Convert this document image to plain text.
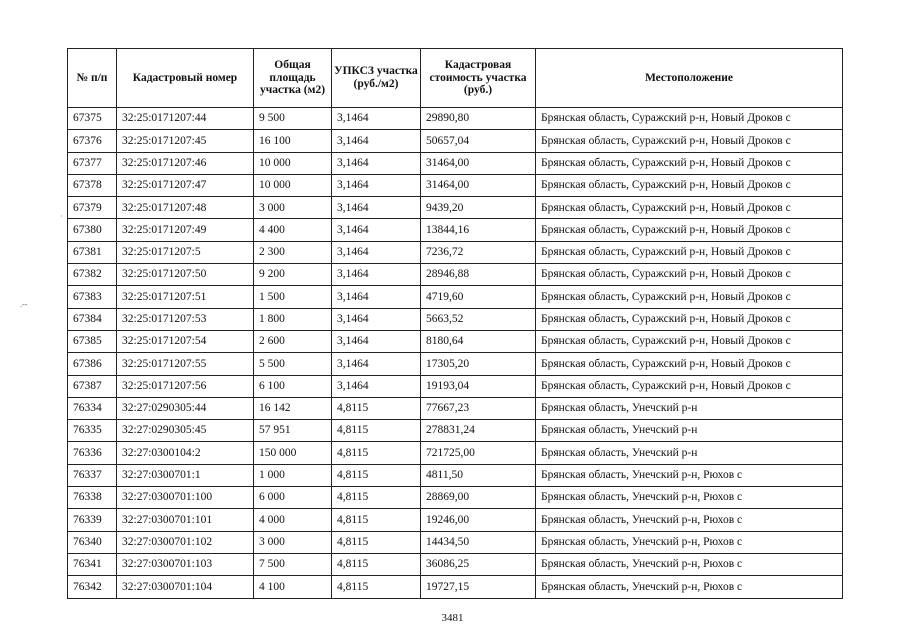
·
.--
№ п/п	Кадастровый номер	Общая площадь участка (м2)	УПКСЗ участка (руб./м2)	Кадастровая стоимость участка (руб.)	Местоположение
67375	32:25:0171207:44	9 500	3,1464	29890,80	Брянская область, Суражский р-н, Новый Дроков с
67376	32:25:0171207:45	16 100	3,1464	50657,04	Брянская область, Суражский р-н, Новый Дроков с
67377	32:25:0171207:46	10 000	3,1464	31464,00	Брянская область, Суражский р-н, Новый Дроков с
67378	32:25:0171207:47	10 000	3,1464	31464,00	Брянская область, Суражский р-н, Новый Дроков с
67379	32:25:0171207:48	3 000	3,1464	9439,20	Брянская область, Суражский р-н, Новый Дроков с
67380	32:25:0171207:49	4 400	3,1464	13844,16	Брянская область, Суражский р-н, Новый Дроков с
67381	32:25:0171207:5	2 300	3,1464	7236,72	Брянская область, Суражский р-н, Новый Дроков с
67382	32:25:0171207:50	9 200	3,1464	28946,88	Брянская область, Суражский р-н, Новый Дроков с
67383	32:25:0171207:51	1 500	3,1464	4719,60	Брянская область, Суражский р-н, Новый Дроков с
67384	32:25:0171207:53	1 800	3,1464	5663,52	Брянская область, Суражский р-н, Новый Дроков с
67385	32:25:0171207:54	2 600	3,1464	8180,64	Брянская область, Суражский р-н, Новый Дроков с
67386	32:25:0171207:55	5 500	3,1464	17305,20	Брянская область, Суражский р-н, Новый Дроков с
67387	32:25:0171207:56	6 100	3,1464	19193,04	Брянская область, Суражский р-н, Новый Дроков с
76334	32:27:0290305:44	16 142	4,8115	77667,23	Брянская область, Унечский р-н
76335	32:27:0290305:45	57 951	4,8115	278831,24	Брянская область, Унечский р-н
76336	32:27:0300104:2	150 000	4,8115	721725,00	Брянская область, Унечский р-н
76337	32:27:0300701:1	1 000	4,8115	4811,50	Брянская область, Унечский р-н, Рюхов с
76338	32:27:0300701:100	6 000	4,8115	28869,00	Брянская область, Унечский р-н, Рюхов с
76339	32:27:0300701:101	4 000	4,8115	19246,00	Брянская область, Унечский р-н, Рюхов с
76340	32:27:0300701:102	3 000	4,8115	14434,50	Брянская область, Унечский р-н, Рюхов с
76341	32:27:0300701:103	7 500	4,8115	36086,25	Брянская область, Унечский р-н, Рюхов с
76342	32:27:0300701:104	4 100	4,8115	19727,15	Брянская область, Унечский р-н, Рюхов с
3481
